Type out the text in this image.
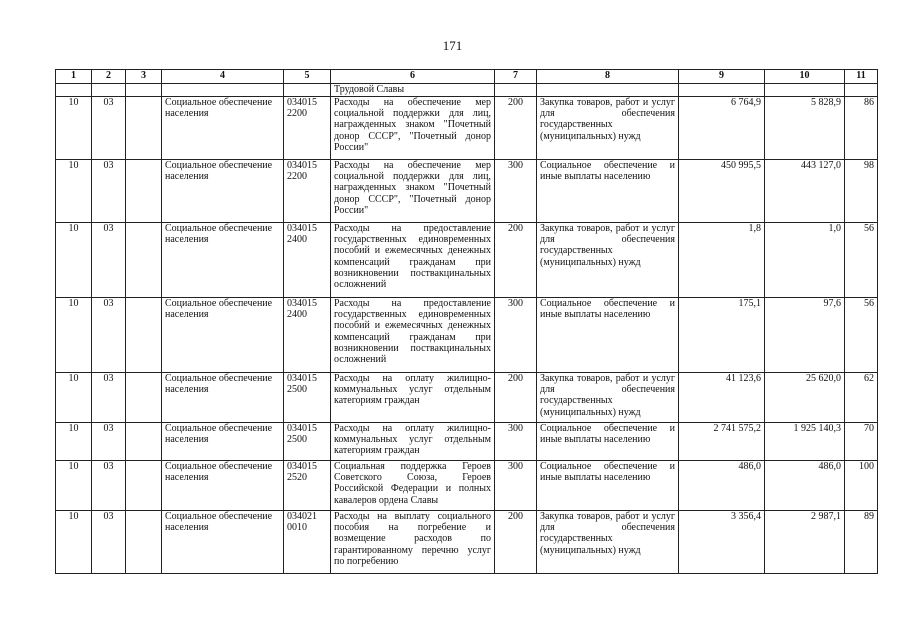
171
1	2	3	4	5	6	7	8	9	10	11
					Трудовой Славы					
10	03		Социальное обеспечение населения	034015 2200	Расходы на обеспечение мер социальной поддержки для лиц, награжденных знаком "Почетный донор СССР", "Почетный донор России"	200	Закупка товаров, работ и услуг для обеспечения государственных (муниципальных) нужд	6 764,9	5 828,9	86
10	03		Социальное обеспечение населения	034015 2200	Расходы на обеспечение мер социальной поддержки для лиц, награжденных знаком "Почетный донор СССР", "Почетный донор России"	300	Социальное обеспечение и иные выплаты населению	450 995,5	443 127,0	98
10	03		Социальное обеспечение населения	034015 2400	Расходы на предоставление государственных единовременных пособий и ежемесячных денежных компенсаций гражданам при возникновении поствакцинальных осложнений	200	Закупка товаров, работ и услуг для обеспечения государственных (муниципальных) нужд	1,8	1,0	56
10	03		Социальное обеспечение населения	034015 2400	Расходы на предоставление государственных единовременных пособий и ежемесячных денежных компенсаций гражданам при возникновении поствакцинальных осложнений	300	Социальное обеспечение и иные выплаты населению	175,1	97,6	56
10	03		Социальное обеспечение населения	034015 2500	Расходы на оплату жилищно-коммунальных услуг отдельным категориям граждан	200	Закупка товаров, работ и услуг для обеспечения государственных (муниципальных) нужд	41 123,6	25 620,0	62
10	03		Социальное обеспечение населения	034015 2500	Расходы на оплату жилищно-коммунальных услуг отдельным категориям граждан	300	Социальное обеспечение и иные выплаты населению	2 741 575,2	1 925 140,3	70
10	03		Социальное обеспечение населения	034015 2520	Социальная поддержка Героев Советского Союза, Героев Российской Федерации и полных кавалеров ордена Славы	300	Социальное обеспечение и иные выплаты населению	486,0	486,0	100
10	03		Социальное обеспечение населения	034021 0010	Расходы на выплату социального пособия на погребение и возмещение расходов по гарантированному перечню услуг по погребению	200	Закупка товаров, работ и услуг для обеспечения государственных (муниципальных) нужд	3 356,4	2 987,1	89
